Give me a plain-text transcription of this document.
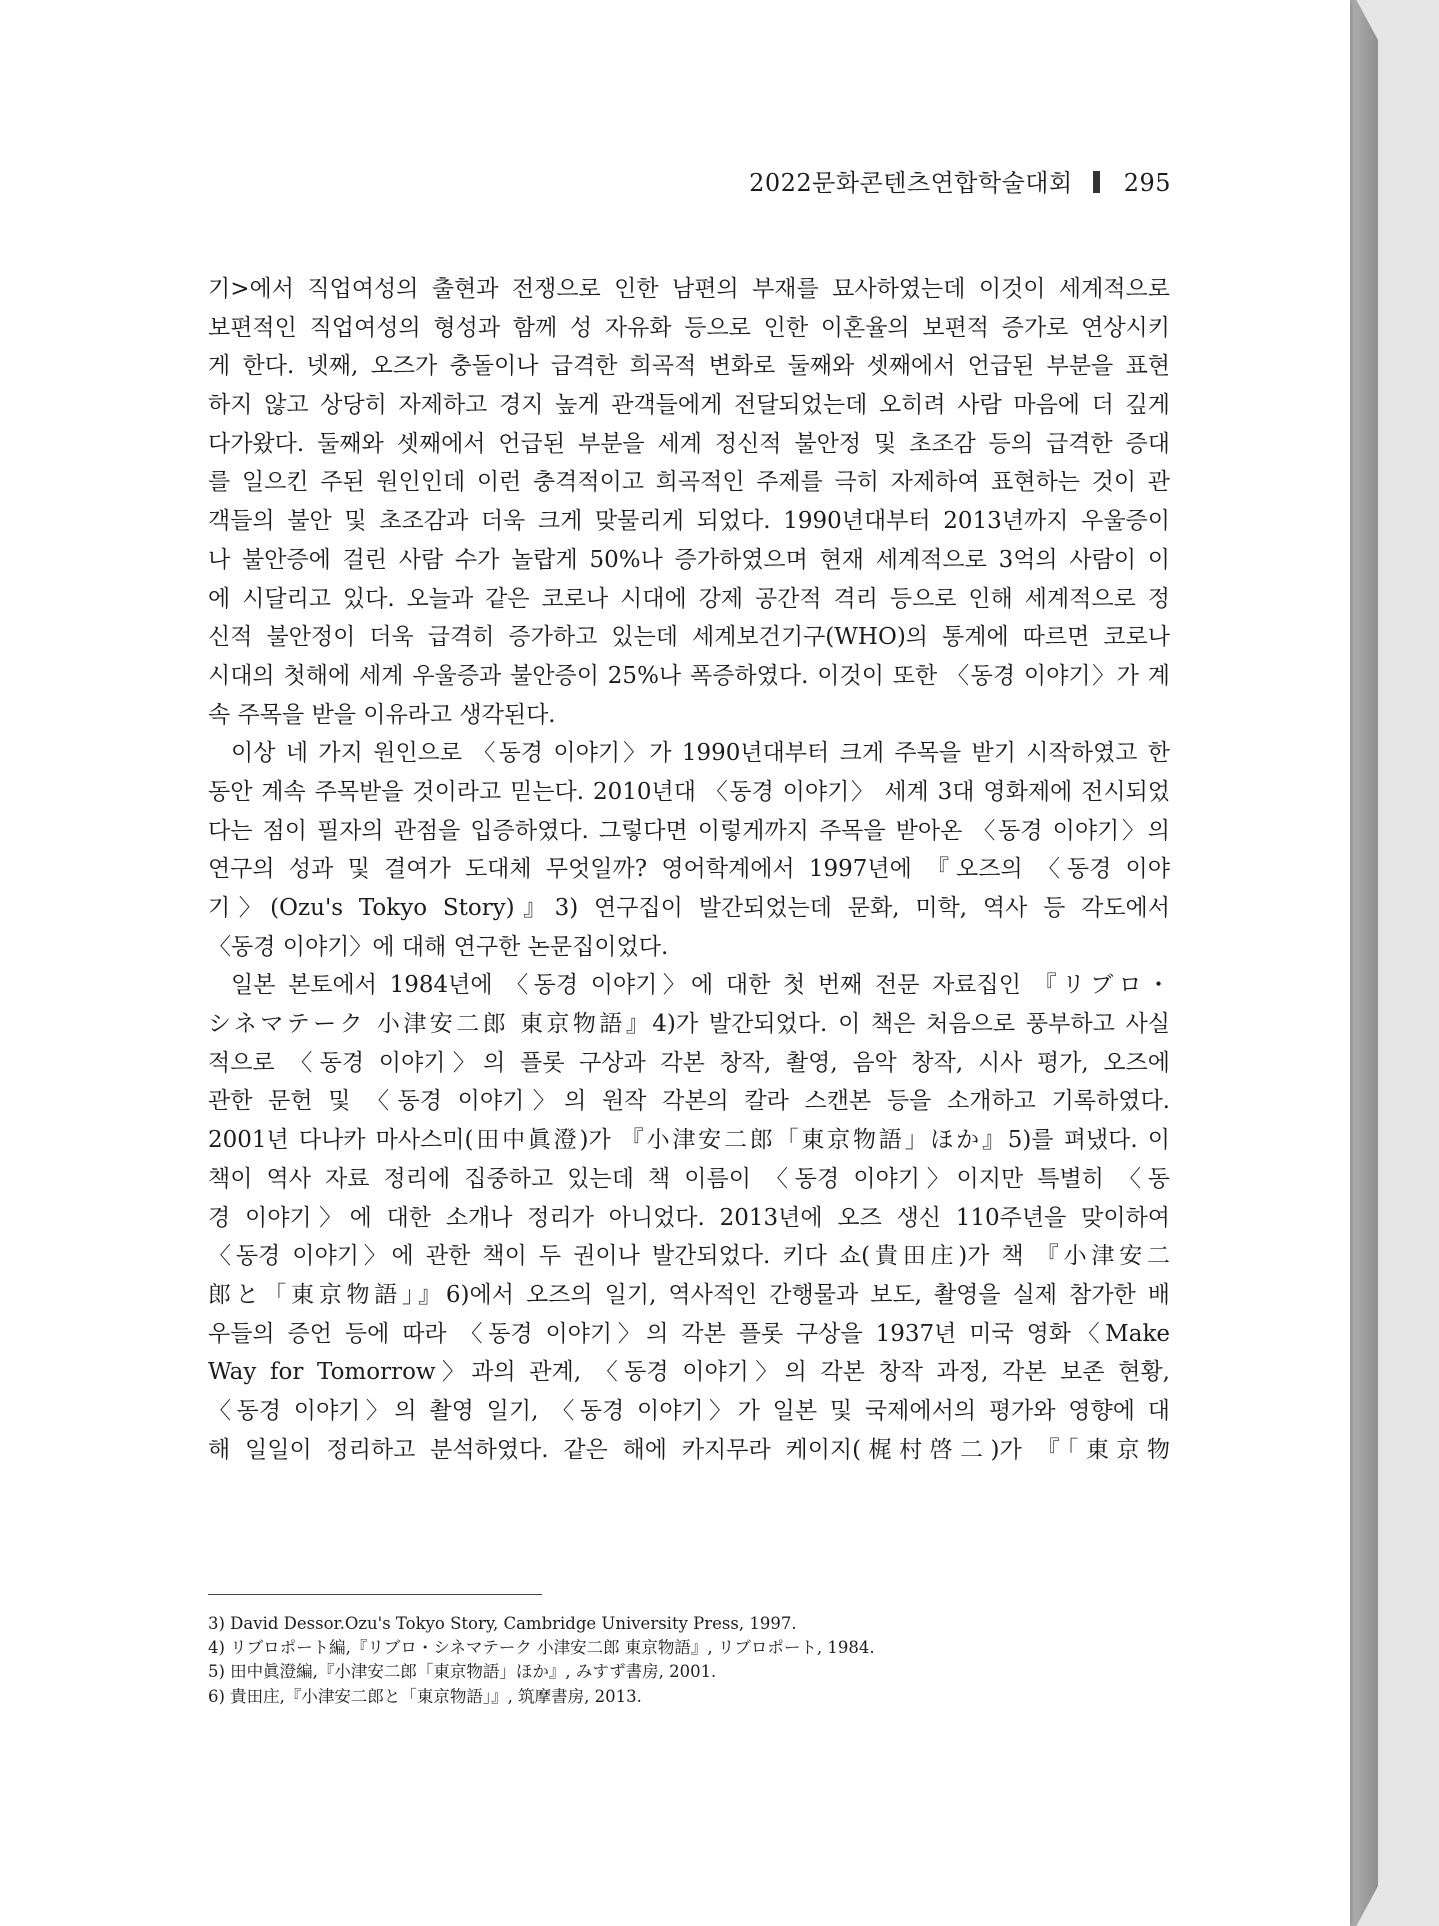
2022문화콘텐츠연합학술대회 295
기>에서 직업여성의 출현과 전쟁으로 인한 남편의 부재를 묘사하였는데 이것이 세계적으로
보편적인 직업여성의 형성과 함께 성 자유화 등으로 인한 이혼율의 보편적 증가로 연상시키
게 한다. 넷째, 오즈가 충돌이나 급격한 희곡적 변화로 둘째와 셋째에서 언급된 부분을 표현
하지 않고 상당히 자제하고 경지 높게 관객들에게 전달되었는데 오히려 사람 마음에 더 깊게
다가왔다. 둘째와 셋째에서 언급된 부분을 세계 정신적 불안정 및 초조감 등의 급격한 증대
를 일으킨 주된 원인인데 이런 충격적이고 희곡적인 주제를 극히 자제하여 표현하는 것이 관
객들의 불안 및 초조감과 더욱 크게 맞물리게 되었다. 1990년대부터 2013년까지 우울증이
나 불안증에 걸린 사람 수가 놀랍게 50%나 증가하였으며 현재 세계적으로 3억의 사람이 이
에 시달리고 있다. 오늘과 같은 코로나 시대에 강제 공간적 격리 등으로 인해 세계적으로 정
신적 불안정이 더욱 급격히 증가하고 있는데 세계보건기구(WHO)의 통계에 따르면 코로나
시대의 첫해에 세계 우울증과 불안증이 25%나 폭증하였다. 이것이 또한 〈동경 이야기〉가 계
속 주목을 받을 이유라고 생각된다.
이상 네 가지 원인으로 〈동경 이야기〉가 1990년대부터 크게 주목을 받기 시작하였고 한
동안 계속 주목받을 것이라고 믿는다. 2010년대 〈동경 이야기〉 세계 3대 영화제에 전시되었
다는 점이 필자의 관점을 입증하였다. 그렇다면 이렇게까지 주목을 받아온 〈동경 이야기〉의
연구의 성과 및 결여가 도대체 무엇일까? 영어학계에서 1997년에 『오즈의 〈동경 이야
기〉(Ozu's Tokyo Story)』3) 연구집이 발간되었는데 문화, 미학, 역사 등 각도에서
〈동경 이야기〉에 대해 연구한 논문집이었다.
일본 본토에서 1984년에 〈동경 이야기〉에 대한 첫 번째 전문 자료집인 『リブロ・
シネマテーク 小津安二郎 東京物語』4)가 발간되었다. 이 책은 처음으로 풍부하고 사실
적으로 〈동경 이야기〉의 플롯 구상과 각본 창작, 촬영, 음악 창작, 시사 평가, 오즈에
관한 문헌 및 〈동경 이야기〉의 원작 각본의 칼라 스캔본 등을 소개하고 기록하였다.
2001년 다나카 마사스미(田中眞澄)가 『小津安二郎「東京物語」ほか』5)를 펴냈다. 이
책이 역사 자료 정리에 집중하고 있는데 책 이름이 〈동경 이야기〉이지만 특별히 〈동
경 이야기〉에 대한 소개나 정리가 아니었다. 2013년에 오즈 생신 110주년을 맞이하여
〈동경 이야기〉에 관한 책이 두 권이나 발간되었다. 키다 쇼(貴田庄)가 책 『小津安二
郎と「東京物語」』6)에서 오즈의 일기, 역사적인 간행물과 보도, 촬영을 실제 참가한 배
우들의 증언 등에 따라 〈동경 이야기〉의 각본 플롯 구상을 1937년 미국 영화〈Make
Way for Tomorrow〉과의 관계, 〈동경 이야기〉의 각본 창작 과정, 각본 보존 현황,
〈동경 이야기〉의 촬영 일기, 〈동경 이야기〉가 일본 및 국제에서의 평가와 영향에 대
해 일일이 정리하고 분석하였다. 같은 해에 카지무라 케이지(梶村啓二)가 『「東京物
3) David Dessor.Ozu's Tokyo Story, Cambridge University Press, 1997.
4) リブロポート編,『リブロ・シネマテーク 小津安二郎 東京物語』, リブロポート, 1984.
5) 田中眞澄編,『小津安二郎「東京物語」ほか』, みすず書房, 2001.
6) 貴田庄,『小津安二郎と「東京物語」』, 筑摩書房, 2013.
